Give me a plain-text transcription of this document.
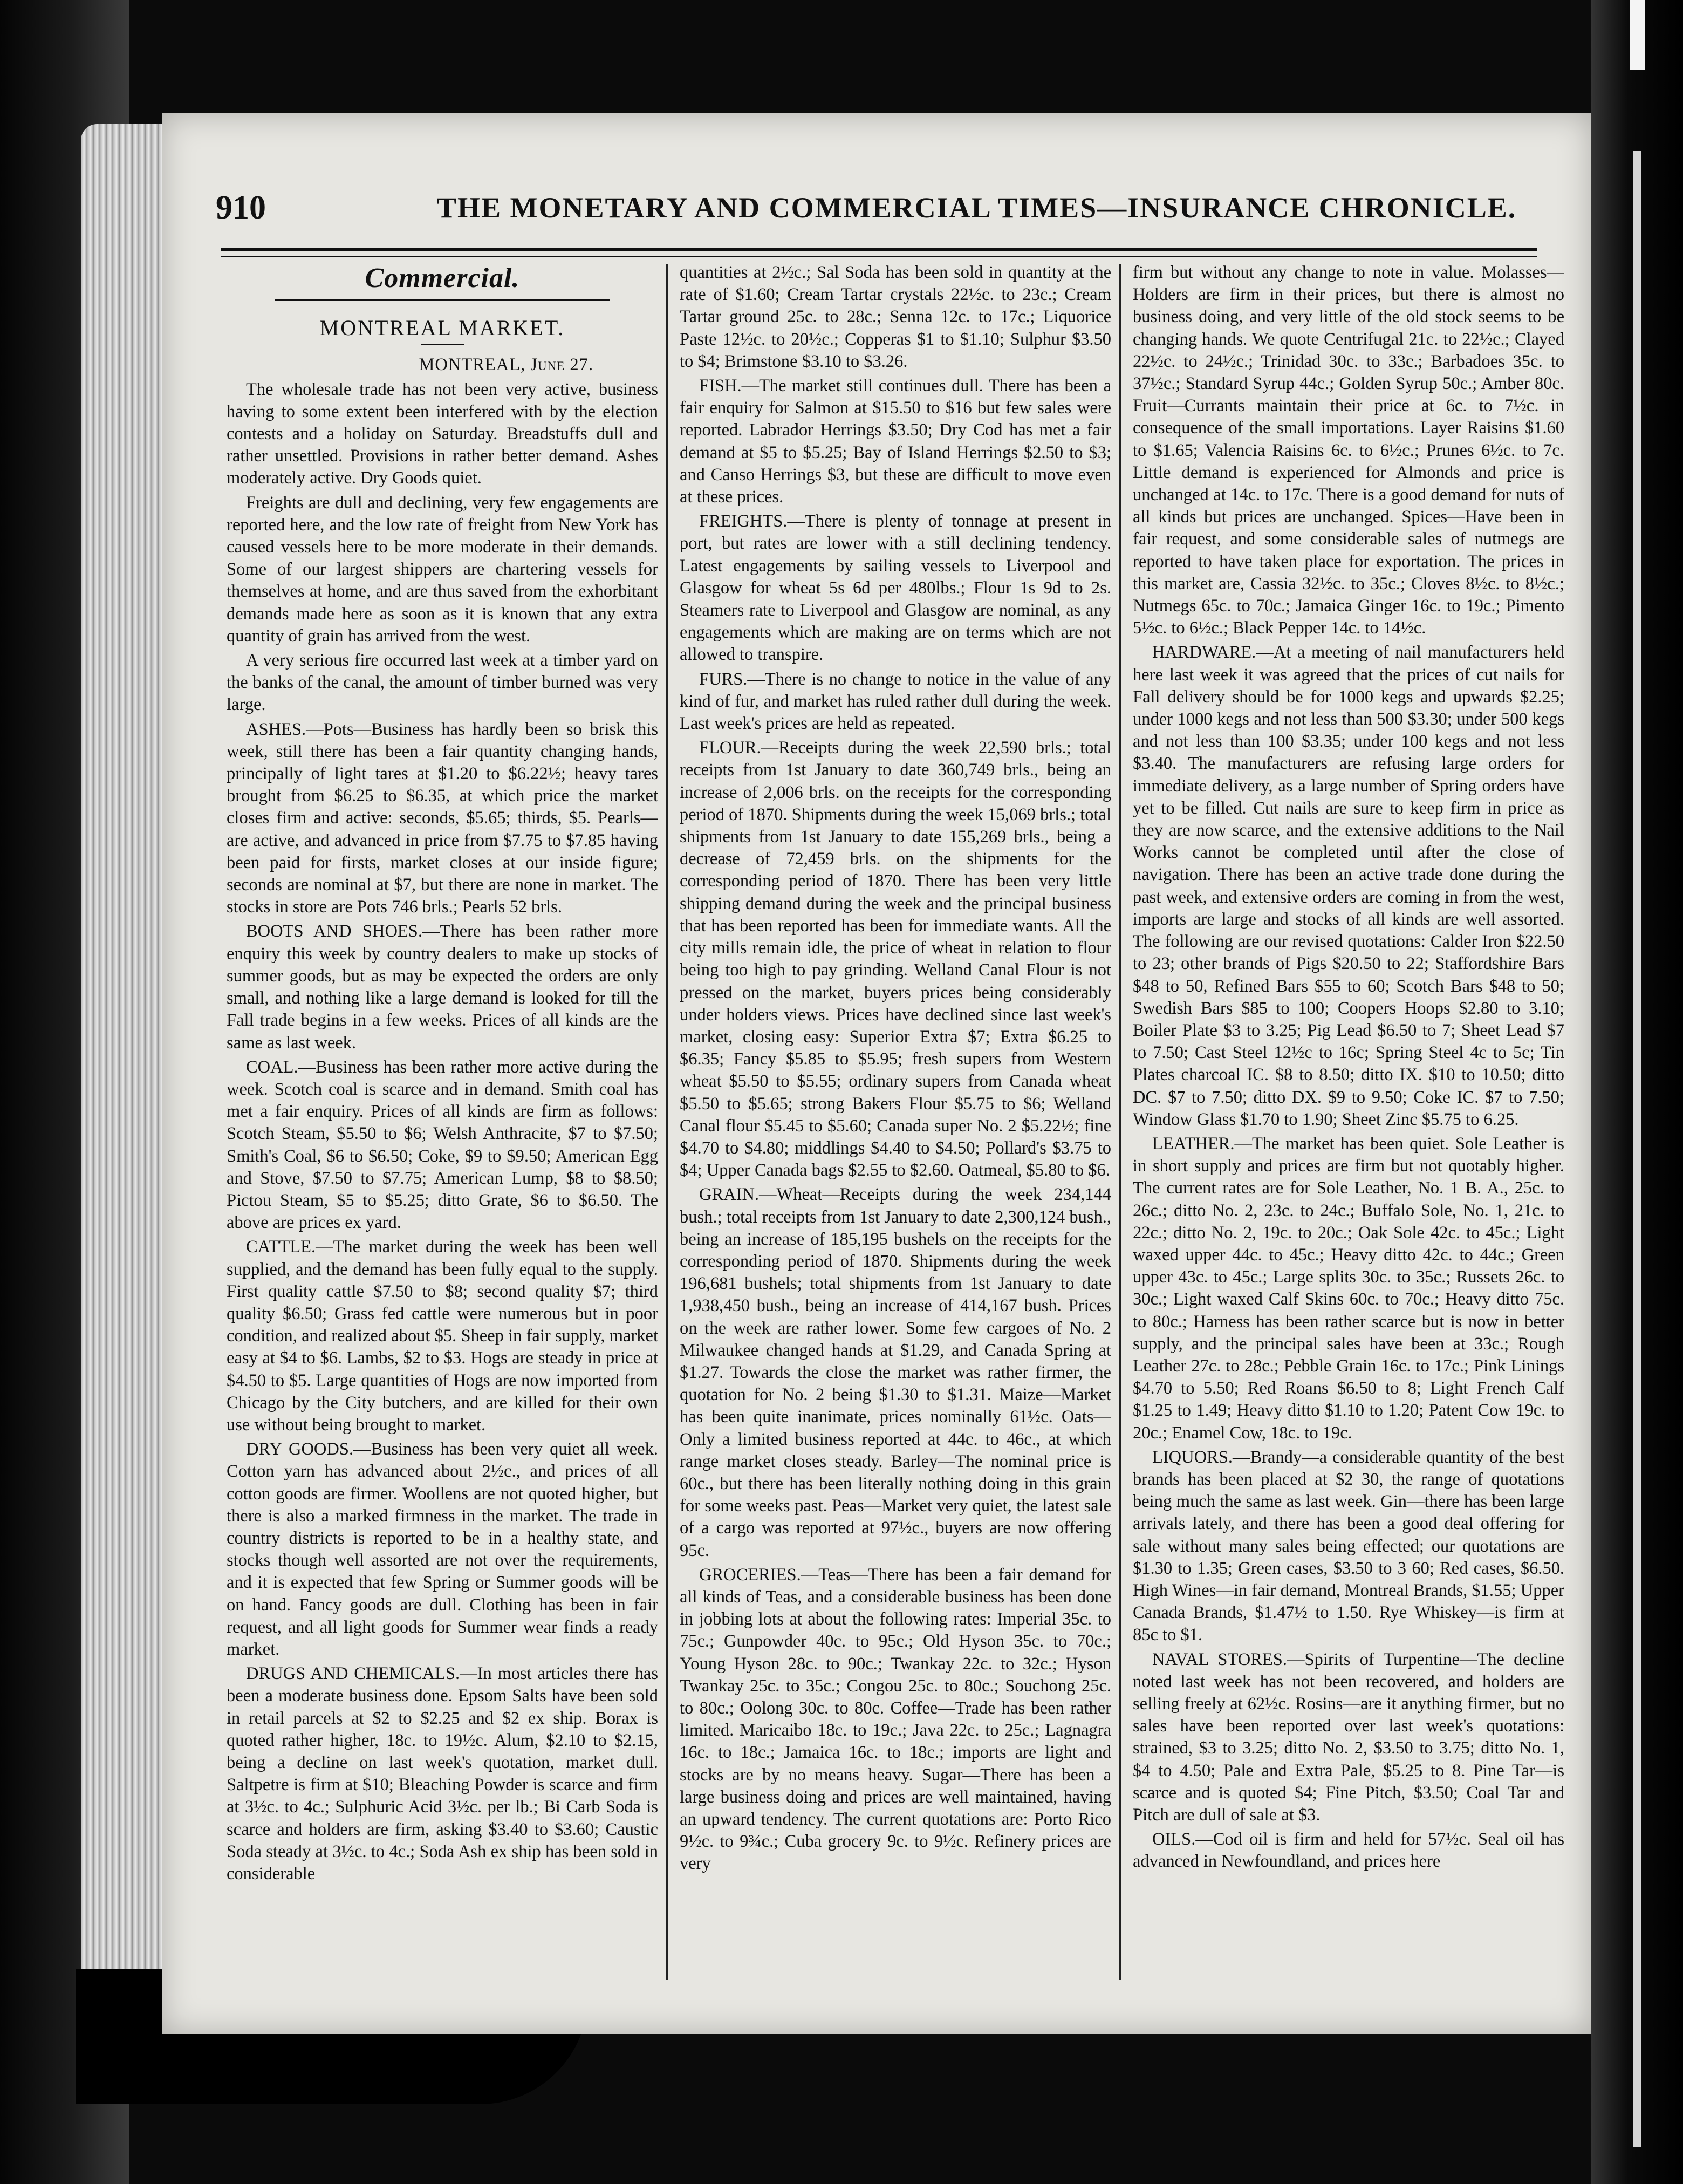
910	THE MONETARY AND COMMERCIAL TIMES—INSURANCE CHRONICLE.
Commercial.
MONTREAL MARKET.
MONTREAL, June 27.

The wholesale trade has not been very active, business having to some extent been interfered with by the election contests and a holiday on Saturday. Breadstuffs dull and rather unsettled. Provisions in rather better demand. Ashes moderately active. Dry Goods quiet.

Freights are dull and declining, very few engagements are reported here, and the low rate of freight from New York has caused vessels here to be more moderate in their demands. Some of our largest shippers are chartering vessels for themselves at home, and are thus saved from the exhorbitant demands made here as soon as it is known that any extra quantity of grain has arrived from the west.

A very serious fire occurred last week at a timber yard on the banks of the canal, the amount of timber burned was very large.

ASHES.—Pots—Business has hardly been so brisk this week, still there has been a fair quantity changing hands, principally of light tares at $1.20 to $6.22½; heavy tares brought from $6.25 to $6.35, at which price the market closes firm and active: seconds, $5.65; thirds, $5. Pearls—are active, and advanced in price from $7.75 to $7.85 having been paid for firsts, market closes at our inside figure; seconds are nominal at $7, but there are none in market. The stocks in store are Pots 746 brls.; Pearls 52 brls.

BOOTS AND SHOES.—There has been rather more enquiry this week by country dealers to make up stocks of summer goods, but as may be expected the orders are only small, and nothing like a large demand is looked for till the Fall trade begins in a few weeks. Prices of all kinds are the same as last week.

COAL.—Business has been rather more active during the week. Scotch coal is scarce and in demand. Smith coal has met a fair enquiry. Prices of all kinds are firm as follows: Scotch Steam, $5.50 to $6; Welsh Anthracite, $7 to $7.50; Smith's Coal, $6 to $6.50; Coke, $9 to $9.50; American Egg and Stove, $7.50 to $7.75; American Lump, $8 to $8.50; Pictou Steam, $5 to $5.25; ditto Grate, $6 to $6.50. The above are prices ex yard.

CATTLE.—The market during the week has been well supplied, and the demand has been fully equal to the supply. First quality cattle $7.50 to $8; second quality $7; third quality $6.50; Grass fed cattle were numerous but in poor condition, and realized about $5. Sheep in fair supply, market easy at $4 to $6. Lambs, $2 to $3. Hogs are steady in price at $4.50 to $5. Large quantities of Hogs are now imported from Chicago by the City butchers, and are killed for their own use without being brought to market.

DRY GOODS.—Business has been very quiet all week. Cotton yarn has advanced about 2½c., and prices of all cotton goods are firmer. Woollens are not quoted higher, but there is also a marked firmness in the market. The trade in country districts is reported to be in a healthy state, and stocks though well assorted are not over the requirements, and it is expected that few Spring or Summer goods will be on hand. Fancy goods are dull. Clothing has been in fair request, and all light goods for Summer wear finds a ready market.

DRUGS AND CHEMICALS.—In most articles there has been a moderate business done. Epsom Salts have been sold in retail parcels at $2 to $2.25 and $2 ex ship. Borax is quoted rather higher, 18c. to 19½c. Alum, $2.10 to $2.15, being a decline on last week's quotation, market dull. Saltpetre is firm at $10; Bleaching Powder is scarce and firm at 3½c. to 4c.; Sulphuric Acid 3½c. per lb.; Bi Carb Soda is scarce and holders are firm, asking $3.40 to $3.60; Caustic Soda steady at 3½c. to 4c.; Soda Ash ex ship has been sold in considerable

quantities at 2½c.; Sal Soda has been sold in quantity at the rate of $1.60; Cream Tartar crystals 22½c. to 23c.; Cream Tartar ground 25c. to 28c.; Senna 12c. to 17c.; Liquorice Paste 12½c. to 20½c.; Copperas $1 to $1.10; Sulphur $3.50 to $4; Brimstone $3.10 to $3.26.

FISH.—The market still continues dull. There has been a fair enquiry for Salmon at $15.50 to $16 but few sales were reported. Labrador Herrings $3.50; Dry Cod has met a fair demand at $5 to $5.25; Bay of Island Herrings $2.50 to $3; and Canso Herrings $3, but these are difficult to move even at these prices.

FREIGHTS.—There is plenty of tonnage at present in port, but rates are lower with a still declining tendency. Latest engagements by sailing vessels to Liverpool and Glasgow for wheat 5s 6d per 480lbs.; Flour 1s 9d to 2s. Steamers rate to Liverpool and Glasgow are nominal, as any engagements which are making are on terms which are not allowed to transpire.

FURS.—There is no change to notice in the value of any kind of fur, and market has ruled rather dull during the week. Last week's prices are held as repeated.

FLOUR.—Receipts during the week 22,590 brls.; total receipts from 1st January to date 360,749 brls., being an increase of 2,006 brls. on the receipts for the corresponding period of 1870. Shipments during the week 15,069 brls.; total shipments from 1st January to date 155,269 brls., being a decrease of 72,459 brls. on the shipments for the corresponding period of 1870. There has been very little shipping demand during the week and the principal business that has been reported has been for immediate wants. All the city mills remain idle, the price of wheat in relation to flour being too high to pay grinding. Welland Canal Flour is not pressed on the market, buyers prices being considerably under holders views. Prices have declined since last week's market, closing easy: Superior Extra $7; Extra $6.25 to $6.35; Fancy $5.85 to $5.95; fresh supers from Western wheat $5.50 to $5.55; ordinary supers from Canada wheat $5.50 to $5.65; strong Bakers Flour $5.75 to $6; Welland Canal flour $5.45 to $5.60; Canada super No. 2 $5.22½; fine $4.70 to $4.80; middlings $4.40 to $4.50; Pollard's $3.75 to $4; Upper Canada bags $2.55 to $2.60. Oatmeal, $5.80 to $6.

GRAIN.—Wheat—Receipts during the week 234,144 bush.; total receipts from 1st January to date 2,300,124 bush., being an increase of 185,195 bushels on the receipts for the corresponding period of 1870. Shipments during the week 196,681 bushels; total shipments from 1st January to date 1,938,450 bush., being an increase of 414,167 bush. Prices on the week are rather lower. Some few cargoes of No. 2 Milwaukee changed hands at $1.29, and Canada Spring at $1.27. Towards the close the market was rather firmer, the quotation for No. 2 being $1.30 to $1.31. Maize—Market has been quite inanimate, prices nominally 61½c. Oats—Only a limited business reported at 44c. to 46c., at which range market closes steady. Barley—The nominal price is 60c., but there has been literally nothing doing in this grain for some weeks past. Peas—Market very quiet, the latest sale of a cargo was reported at 97½c., buyers are now offering 95c.

GROCERIES.—Teas—There has been a fair demand for all kinds of Teas, and a considerable business has been done in jobbing lots at about the following rates: Imperial 35c. to 75c.; Gunpowder 40c. to 95c.; Old Hyson 35c. to 70c.; Young Hyson 28c. to 90c.; Twankay 22c. to 32c.; Hyson Twankay 25c. to 35c.; Congou 25c. to 80c.; Souchong 25c. to 80c.; Oolong 30c. to 80c. Coffee—Trade has been rather limited. Maricaibo 18c. to 19c.; Java 22c. to 25c.; Lagnagra 16c. to 18c.; Jamaica 16c. to 18c.; imports are light and stocks are by no means heavy. Sugar—There has been a large business doing and prices are well maintained, having an upward tendency. The current quotations are: Porto Rico 9½c. to 9¾c.; Cuba grocery 9c. to 9½c. Refinery prices are very

firm but without any change to note in value. Molasses—Holders are firm in their prices, but there is almost no business doing, and very little of the old stock seems to be changing hands. We quote Centrifugal 21c. to 22½c.; Clayed 22½c. to 24½c.; Trinidad 30c. to 33c.; Barbadoes 35c. to 37½c.; Standard Syrup 44c.; Golden Syrup 50c.; Amber 80c. Fruit—Currants maintain their price at 6c. to 7½c. in consequence of the small importations. Layer Raisins $1.60 to $1.65; Valencia Raisins 6c. to 6½c.; Prunes 6½c. to 7c. Little demand is experienced for Almonds and price is unchanged at 14c. to 17c. There is a good demand for nuts of all kinds but prices are unchanged. Spices—Have been in fair request, and some considerable sales of nutmegs are reported to have taken place for exportation. The prices in this market are, Cassia 32½c. to 35c.; Cloves 8½c. to 8½c.; Nutmegs 65c. to 70c.; Jamaica Ginger 16c. to 19c.; Pimento 5½c. to 6½c.; Black Pepper 14c. to 14½c.

HARDWARE.—At a meeting of nail manufacturers held here last week it was agreed that the prices of cut nails for Fall delivery should be for 1000 kegs and upwards $2.25; under 1000 kegs and not less than 500 $3.30; under 500 kegs and not less than 100 $3.35; under 100 kegs and not less $3.40. The manufacturers are refusing large orders for immediate delivery, as a large number of Spring orders have yet to be filled. Cut nails are sure to keep firm in price as they are now scarce, and the extensive additions to the Nail Works cannot be completed until after the close of navigation. There has been an active trade done during the past week, and extensive orders are coming in from the west, imports are large and stocks of all kinds are well assorted. The following are our revised quotations: Calder Iron $22.50 to 23; other brands of Pigs $20.50 to 22; Staffordshire Bars $48 to 50, Refined Bars $55 to 60; Scotch Bars $48 to 50; Swedish Bars $85 to 100; Coopers Hoops $2.80 to 3.10; Boiler Plate $3 to 3.25; Pig Lead $6.50 to 7; Sheet Lead $7 to 7.50; Cast Steel 12½c to 16c; Spring Steel 4c to 5c; Tin Plates charcoal IC. $8 to 8.50; ditto IX. $10 to 10.50; ditto DC. $7 to 7.50; ditto DX. $9 to 9.50; Coke IC. $7 to 7.50; Window Glass $1.70 to 1.90; Sheet Zinc $5.75 to 6.25.

LEATHER.—The market has been quiet. Sole Leather is in short supply and prices are firm but not quotably higher. The current rates are for Sole Leather, No. 1 B. A., 25c. to 26c.; ditto No. 2, 23c. to 24c.; Buffalo Sole, No. 1, 21c. to 22c.; ditto No. 2, 19c. to 20c.; Oak Sole 42c. to 45c.; Light waxed upper 44c. to 45c.; Heavy ditto 42c. to 44c.; Green upper 43c. to 45c.; Large splits 30c. to 35c.; Russets 26c. to 30c.; Light waxed Calf Skins 60c. to 70c.; Heavy ditto 75c. to 80c.; Harness has been rather scarce but is now in better supply, and the principal sales have been at 33c.; Rough Leather 27c. to 28c.; Pebble Grain 16c. to 17c.; Pink Linings $4.70 to 5.50; Red Roans $6.50 to 8; Light French Calf $1.25 to 1.49; Heavy ditto $1.10 to 1.20; Patent Cow 19c. to 20c.; Enamel Cow, 18c. to 19c.

LIQUORS.—Brandy—a considerable quantity of the best brands has been placed at $2 30, the range of quotations being much the same as last week. Gin—there has been large arrivals lately, and there has been a good deal offering for sale without many sales being effected; our quotations are $1.30 to 1.35; Green cases, $3.50 to 3 60; Red cases, $6.50. High Wines—in fair demand, Montreal Brands, $1.55; Upper Canada Brands, $1.47½ to 1.50. Rye Whiskey—is firm at 85c to $1.

NAVAL STORES.—Spirits of Turpentine—The decline noted last week has not been recovered, and holders are selling freely at 62½c. Rosins—are it anything firmer, but no sales have been reported over last week's quotations: strained, $3 to 3.25; ditto No. 2, $3.50 to 3.75; ditto No. 1, $4 to 4.50; Pale and Extra Pale, $5.25 to 8. Pine Tar—is scarce and is quoted $4; Fine Pitch, $3.50; Coal Tar and Pitch are dull of sale at $3.

OILS.—Cod oil is firm and held for 57½c. Seal oil has advanced in Newfoundland, and prices here
